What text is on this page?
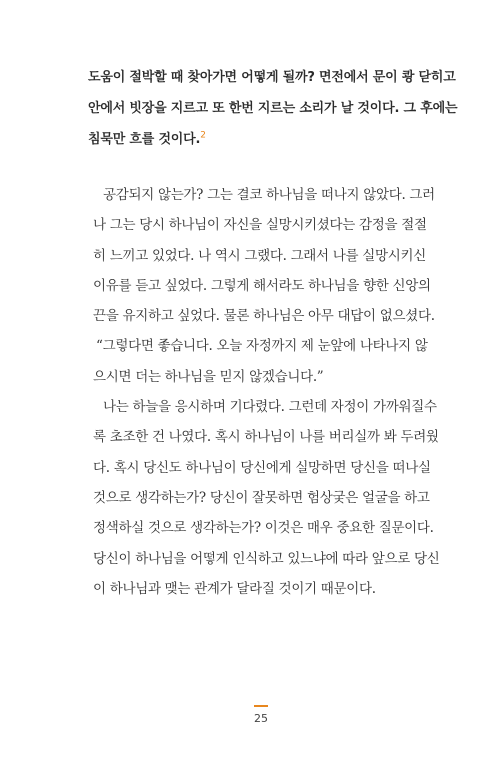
도움이 절박할 때 찾아가면 어떻게 될까? 면전에서 문이 쾅 닫히고
안에서 빗장을 지르고 또 한번 지르는 소리가 날 것이다. 그 후에는
침묵만 흐를 것이다.$^2$
공감되지 않는가? 그는 결코 하나님을 떠나지 않았다. 그러
나 그는 당시 하나님이 자신을 실망시키셨다는 감정을 절절
히 느끼고 있었다. 나 역시 그랬다. 그래서 나를 실망시키신
이유를 듣고 싶었다. 그렇게 해서라도 하나님을 향한 신앙의
끈을 유지하고 싶었다. 물론 하나님은 아무 대답이 없으셨다.
“그렇다면 좋습니다. 오늘 자정까지 제 눈앞에 나타나지 않
으시면 더는 하나님을 믿지 않겠습니다.”
나는 하늘을 응시하며 기다렸다. 그런데 자정이 가까워질수
록 초조한 건 나였다. 혹시 하나님이 나를 버리실까 봐 두려웠
다. 혹시 당신도 하나님이 당신에게 실망하면 당신을 떠나실
것으로 생각하는가? 당신이 잘못하면 험상궂은 얼굴을 하고
정색하실 것으로 생각하는가? 이것은 매우 중요한 질문이다.
당신이 하나님을 어떻게 인식하고 있느냐에 따라 앞으로 당신
이 하나님과 맺는 관계가 달라질 것이기 때문이다.
25
